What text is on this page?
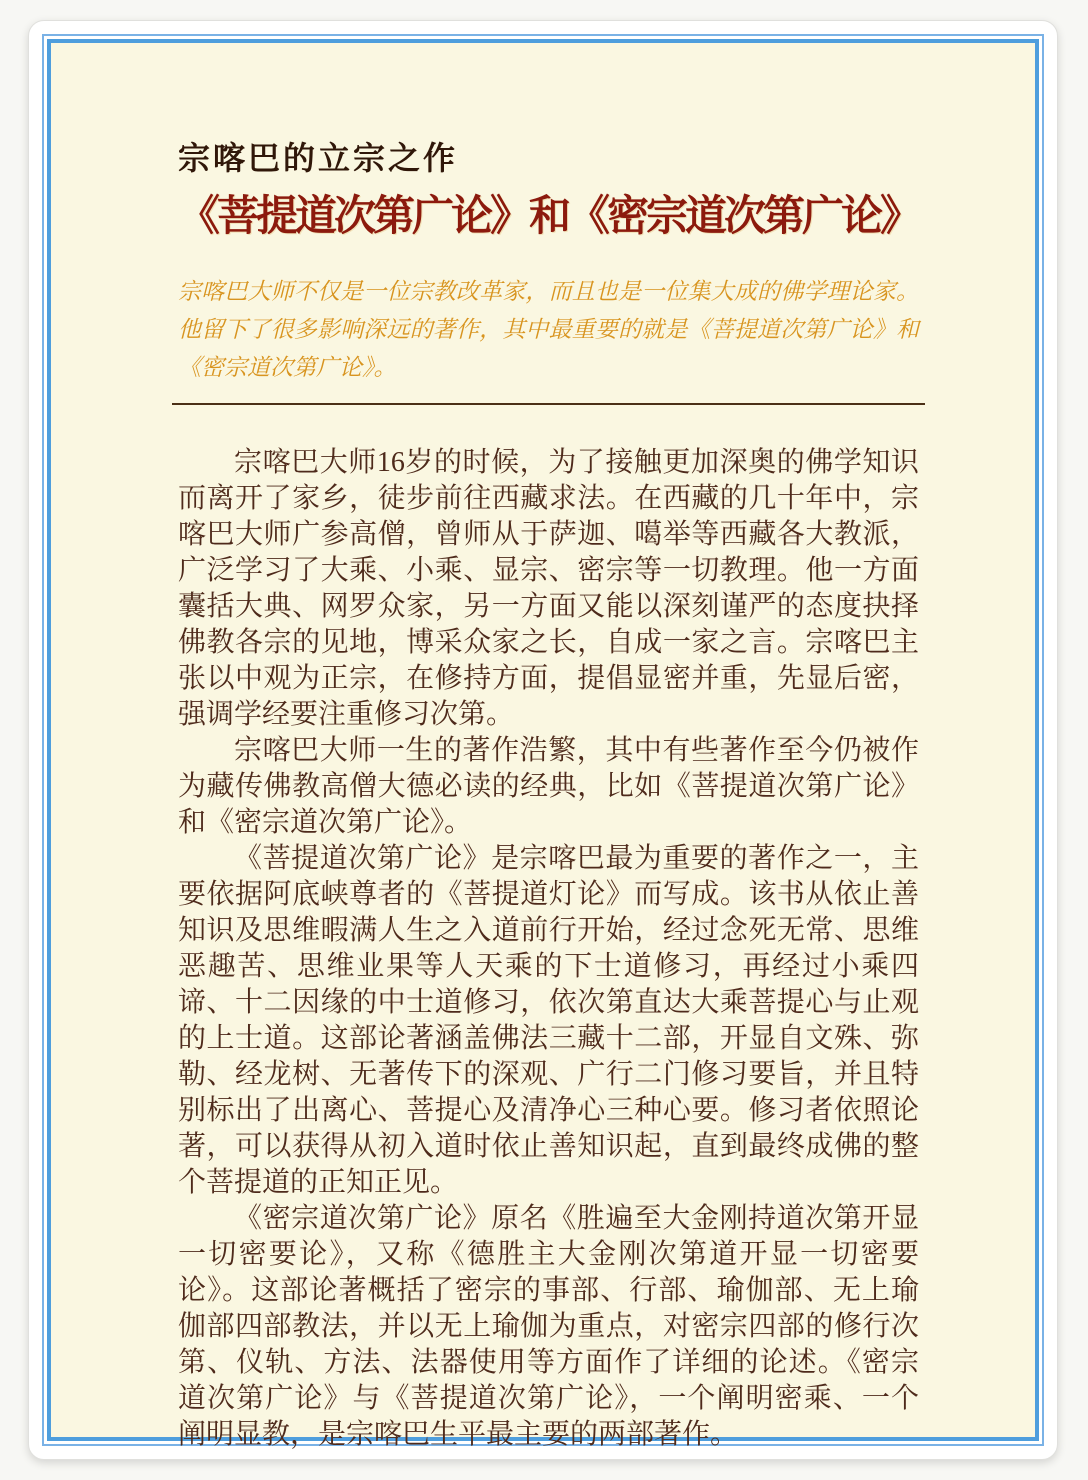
宗喀巴的立宗之作
《菩提道次第广论》和《密宗道次第广论》

宗喀巴大师不仅是一位宗教改革家，而且也是一位集大成的佛学理论家。他留下了很多影响深远的著作，其中最重要的就是《菩提道次第广论》和《密宗道次第广论》。

宗喀巴大师16岁的时候，为了接触更加深奥的佛学知识而离开了家乡，徒步前往西藏求法。在西藏的几十年中，宗喀巴大师广参高僧，曾师从于萨迦、噶举等西藏各大教派，广泛学习了大乘、小乘、显宗、密宗等一切教理。他一方面囊括大典、网罗众家，另一方面又能以深刻谨严的态度抉择佛教各宗的见地，博采众家之长，自成一家之言。宗喀巴主张以中观为正宗，在修持方面，提倡显密并重，先显后密，强调学经要注重修习次第。

宗喀巴大师一生的著作浩繁，其中有些著作至今仍被作为藏传佛教高僧大德必读的经典，比如《菩提道次第广论》和《密宗道次第广论》。

《菩提道次第广论》是宗喀巴最为重要的著作之一，主要依据阿底峡尊者的《菩提道灯论》而写成。该书从依止善知识及思维暇满人生之入道前行开始，经过念死无常、思维恶趣苦、思维业果等人天乘的下士道修习，再经过小乘四谛、十二因缘的中士道修习，依次第直达大乘菩提心与止观的上士道。这部论著涵盖佛法三藏十二部，开显自文殊、弥勒、经龙树、无著传下的深观、广行二门修习要旨，并且特别标出了出离心、菩提心及清净心三种心要。修习者依照论著，可以获得从初入道时依止善知识起，直到最终成佛的整个菩提道的正知正见。

《密宗道次第广论》原名《胜遍至大金刚持道次第开显一切密要论》，又称《德胜主大金刚次第道开显一切密要论》。这部论著概括了密宗的事部、行部、瑜伽部、无上瑜伽部四部教法，并以无上瑜伽为重点，对密宗四部的修行次第、仪轨、方法、法器使用等方面作了详细的论述。《密宗道次第广论》与《菩提道次第广论》，一个阐明密乘、一个阐明显教，是宗喀巴生平最主要的两部著作。
